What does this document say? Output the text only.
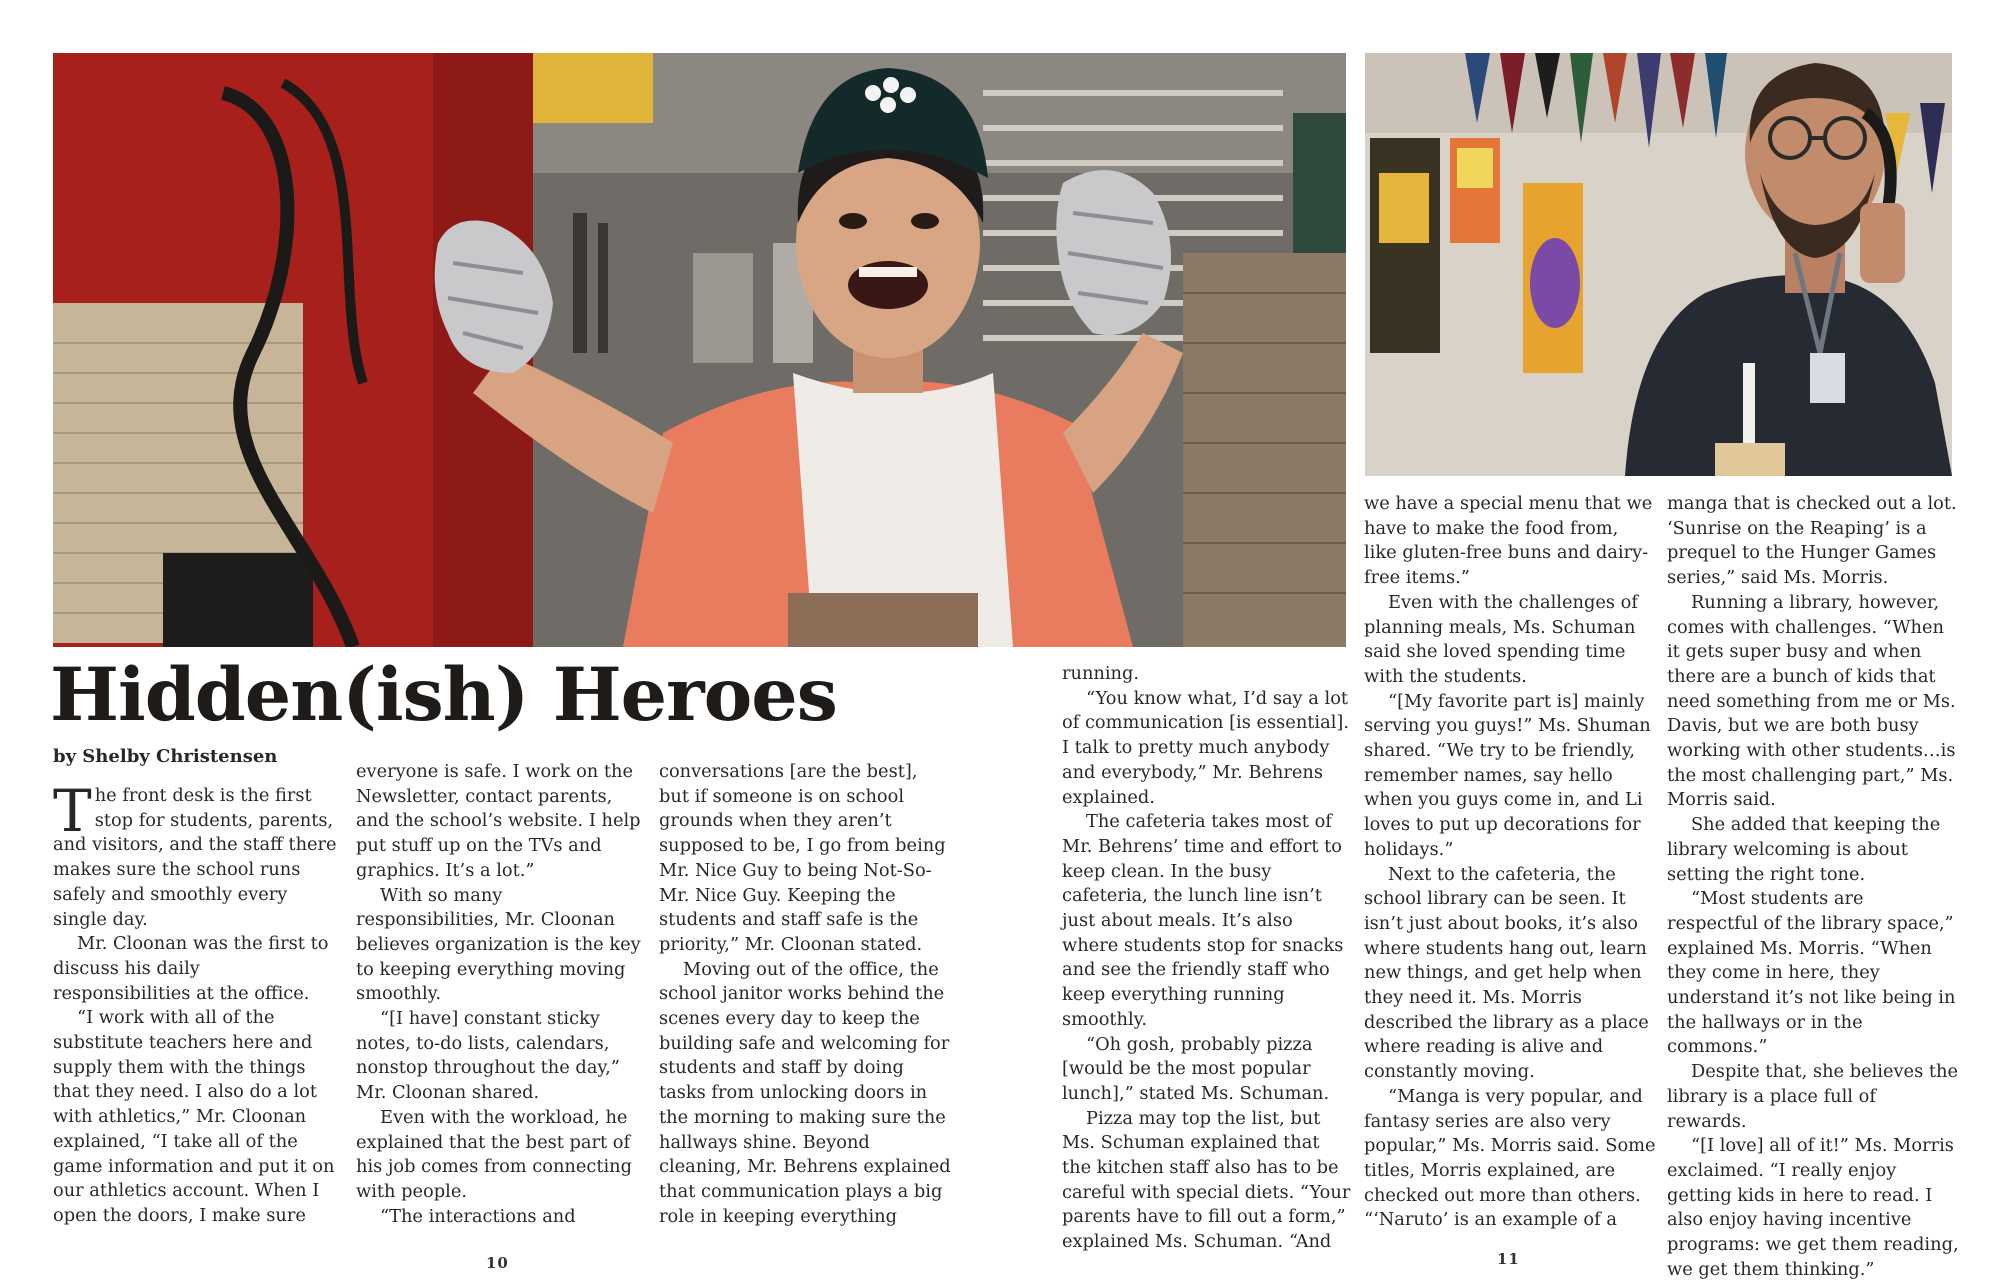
Hidden(ish) Heroes
by Shelby Christensen

The front desk is the first stop for students, parents, and visitors, and the staff there makes sure the school runs safely and smoothly every single day.

Mr. Cloonan was the first to discuss his daily responsibilities at the office.

“I work with all of the substitute teachers here and supply them with the things that they need. I also do a lot with athletics,” Mr. Cloonan explained, “I take all of the game information and put it on our athletics account. When I open the doors, I make sure

everyone is safe. I work on the Newsletter, contact parents, and the school’s website. I help put stuff up on the TVs and graphics. It’s a lot.”

With so many responsibilities, Mr. Cloonan believes organization is the key to keeping everything moving smoothly.

“[I have] constant sticky notes, to-do lists, calendars, nonstop throughout the day,” Mr. Cloonan shared.

Even with the workload, he explained that the best part of his job comes from connecting with people.

“The interactions and

conversations [are the best], but if someone is on school grounds when they aren’t supposed to be, I go from being Mr. Nice Guy to being Not-So-Mr. Nice Guy. Keeping the students and staff safe is the priority,” Mr. Cloonan stated.

Moving out of the office, the school janitor works behind the scenes every day to keep the building safe and welcoming for students and staff by doing tasks from unlocking doors in the morning to making sure the hallways shine. Beyond cleaning, Mr. Behrens explained that communication plays a big role in keeping everything

running.

“You know what, I’d say a lot of communication [is essential]. I talk to pretty much anybody and everybody,” Mr. Behrens explained.

The cafeteria takes most of Mr. Behrens’ time and effort to keep clean. In the busy cafeteria, the lunch line isn’t just about meals. It’s also where students stop for snacks and see the friendly staff who keep everything running smoothly.

“Oh gosh, probably pizza [would be the most popular lunch],” stated Ms. Schuman.

Pizza may top the list, but Ms. Schuman explained that the kitchen staff also has to be careful with special diets. “Your parents have to fill out a form,” explained Ms. Schuman. “And

we have a special menu that we have to make the food from, like gluten-free buns and dairy-free items.”

Even with the challenges of planning meals, Ms. Schuman said she loved spending time with the students.

“[My favorite part is] mainly serving you guys!” Ms. Shuman shared. “We try to be friendly, remember names, say hello when you guys come in, and Li loves to put up decorations for holidays.”

Next to the cafeteria, the school library can be seen. It isn’t just about books, it’s also where students hang out, learn new things, and get help when they need it. Ms. Morris described the library as a place where reading is alive and constantly moving.

“Manga is very popular, and fantasy series are also very popular,” Ms. Morris said. Some titles, Morris explained, are checked out more than others. “‘Naruto’ is an example of a

manga that is checked out a lot. ‘Sunrise on the Reaping’ is a prequel to the Hunger Games series,” said Ms. Morris.

Running a library, however, comes with challenges. “When it gets super busy and when there are a bunch of kids that need something from me or Ms. Davis, but we are both busy working with other students…is the most challenging part,” Ms. Morris said.

She added that keeping the library welcoming is about setting the right tone.

“Most students are respectful of the library space,” explained Ms. Morris. “When they come in here, they understand it’s not like being in the hallways or in the commons.”

Despite that, she believes the library is a place full of rewards.

“[I love] all of it!” Ms. Morris exclaimed. “I really enjoy getting kids in here to read. I also enjoy having incentive programs: we get them reading, we get them thinking.”

10	11
